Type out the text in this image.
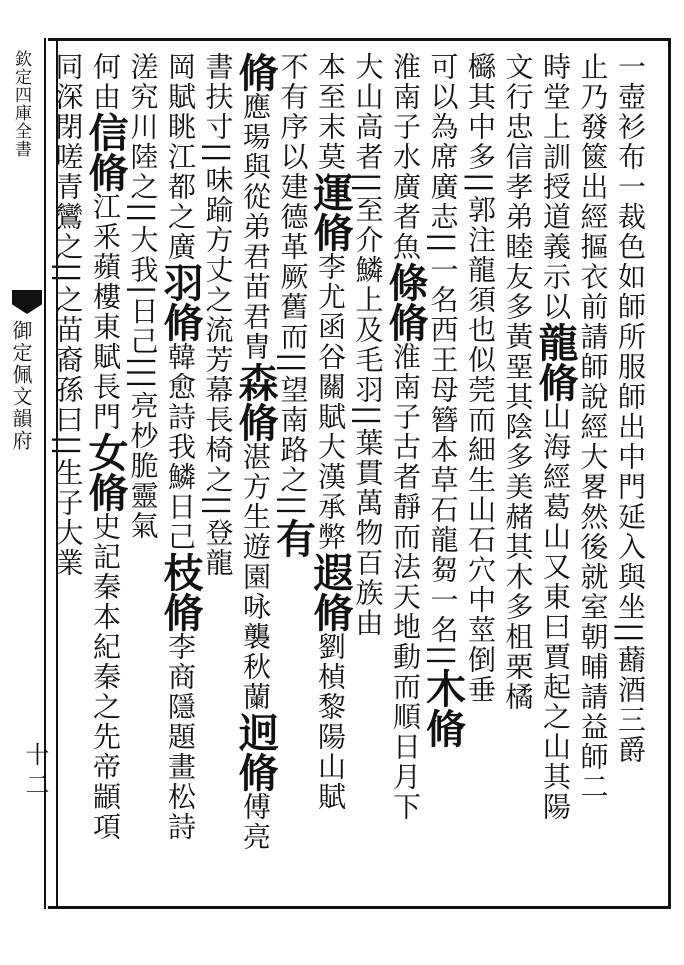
欽定四庫全書
御定佩文韻府
十二
一壺衫布一裁色如師所服師出中門延入與坐||蘛酒三爵
止乃發篋出經摳衣前請師說經大畧然後就室朝晡請益師二
時堂上訓授道義示以龍脩山海經葛山又東曰賈起之山其陽
文行忠信孝弟睦友多黃堊其陰多美赭其木多柤栗橘
櫾其中多||郭注龍須也似莞而細生山石穴中莖倒垂
可以為席廣志||一名西王母簪本草石龍芻一名||木脩
淮南子水廣者魚條脩淮南子古者靜而法天地動而順日月下
大山高者||至介鱗上及毛羽||葉貫萬物百族由
本至末莫運脩李尤函谷關賦大漢承弊遐脩劉楨黎陽山賦
不有序以建德革厥舊而||望南路之||有
脩應瑒與從弟君苗君冑森脩湛方生遊園咏襲秋蘭迥脩傅亮
書扶寸||味踰方丈之流芳幕長椅之||登龍
岡賦眺江都之廣羽脩韓愈詩我鱗日己枝脩李商隱題畫松詩
溠究川陸之||大我|日己|||亮杪脆靈氣
何由信脩江釆蘋樓東賦長門女脩史記秦本紀秦之先帝顓項
同深閉嗟青鸞之||之苗裔孫曰||生子大業
